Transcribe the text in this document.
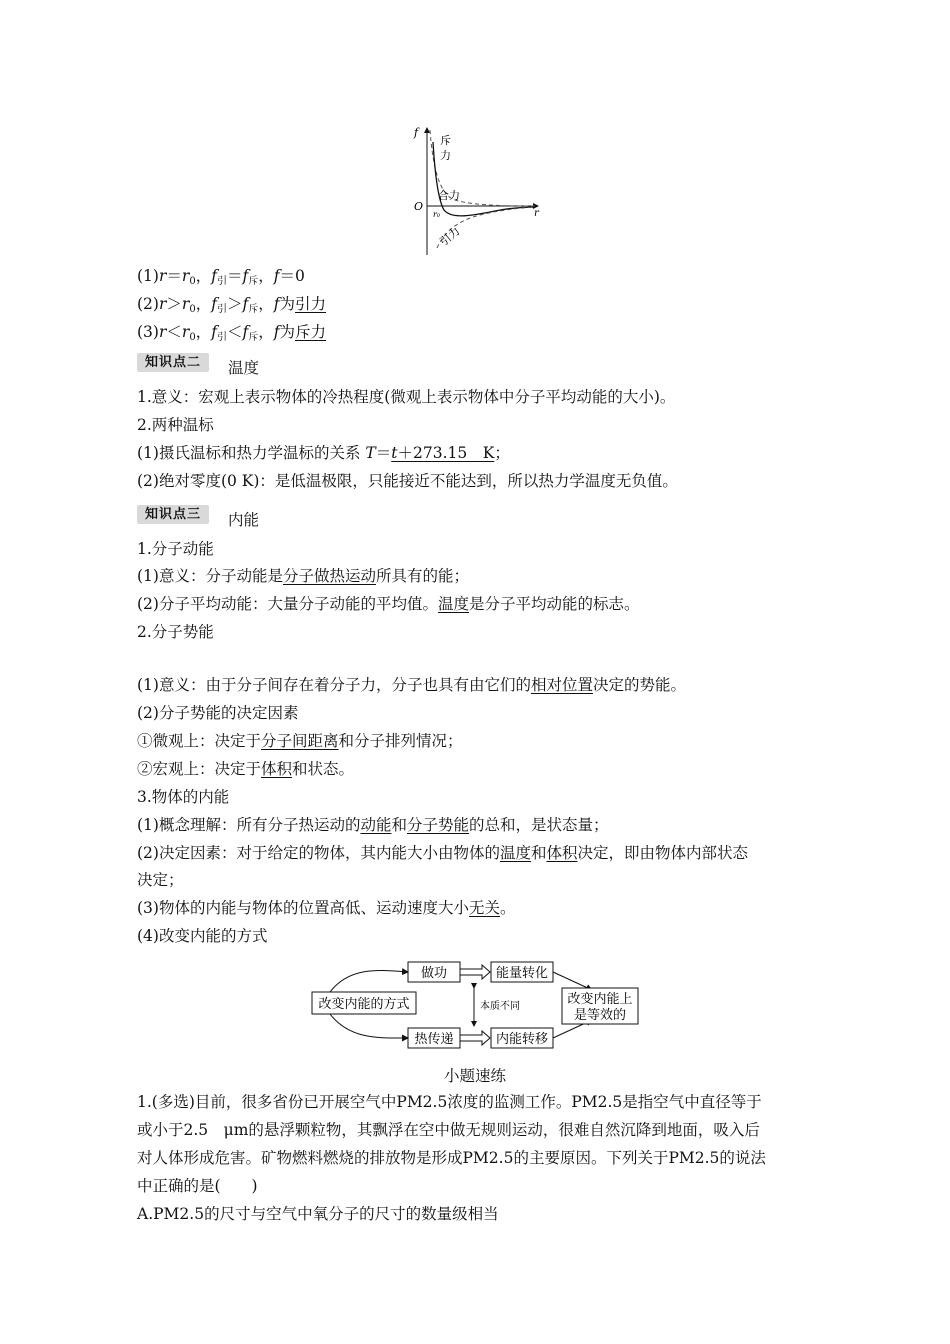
f
r
O
r₀
斥
力
合力
引力
$(1)r=r_0$，$f_引=f_斥$，f＝0
$(2)r>r_0$，$f_引>f_斥$，f为引力
$(3)r<r_0$，$f_引<f_斥$，f为斥力
知识点二	温度
1.意义：宏观上表示物体的冷热程度(微观上表示物体中分子平均动能的大小)。
2.两种温标
(1)摄氏温标和热力学温标的关系 T＝t＋273.15　K；
(2)绝对零度(0 K)：是低温极限，只能接近不能达到，所以热力学温度无负值。
知识点三	内能
1.分子动能
(1)意义：分子动能是分子做热运动所具有的能；
(2)分子平均动能：大量分子动能的平均值。温度是分子平均动能的标志。
2.分子势能
(1)意义：由于分子间存在着分子力，分子也具有由它们的相对位置决定的势能。
(2)分子势能的决定因素
①微观上：决定于分子间距离和分子排列情况；
②宏观上：决定于体积和状态。
3.物体的内能
(1)概念理解：所有分子热运动的动能和分子势能的总和，是状态量；
(2)决定因素：对于给定的物体，其内能大小由物体的温度和体积决定，即由物体内部状态
决定；
(3)物体的内能与物体的位置高低、运动速度大小无关。
(4)改变内能的方式
改变内能的方式
做功
热传递
本质不同
能量转化
内能转移
改变内能上
是等效的
小题速练
1.(多选)目前，很多省份已开展空气中PM2.5浓度的监测工作。PM2.5是指空气中直径等于
或小于2.5　μm的悬浮颗粒物，其飘浮在空中做无规则运动，很难自然沉降到地面，吸入后
对人体形成危害。矿物燃料燃烧的排放物是形成PM2.5的主要原因。下列关于PM2.5的说法
中正确的是(　　)
A.PM2.5的尺寸与空气中氧分子的尺寸的数量级相当
